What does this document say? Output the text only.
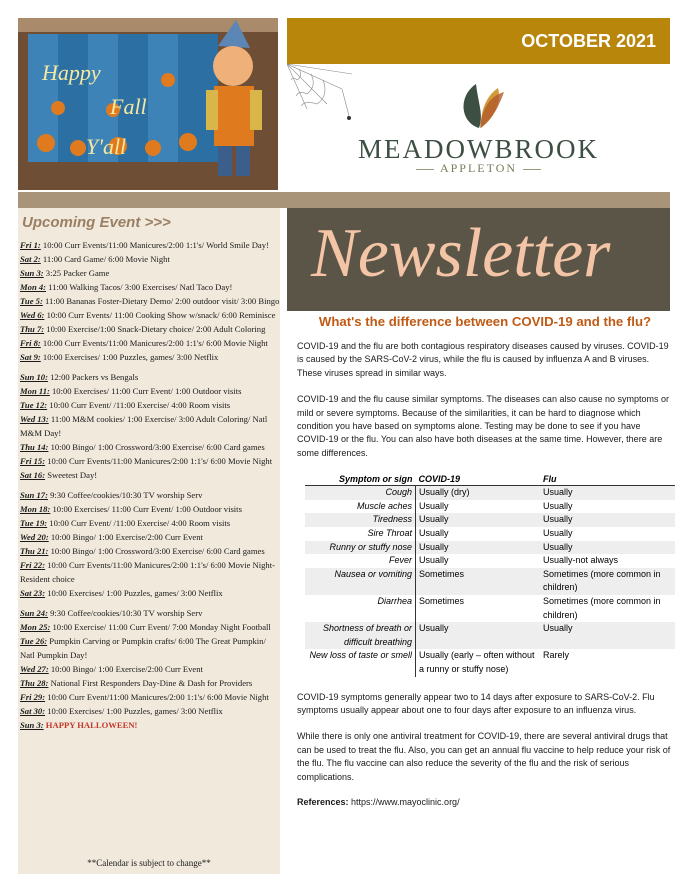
Happy
Fall
Y'all
OCTOBER 2021
MEADOWBROOK
APPLETON
Upcoming Event >>>
Fri 1: 10:00 Curr Events/11:00 Manicures/2:00 1:1's/ World Smile Day!
Sat 2: 11:00 Card Game/ 6:00 Movie Night
Sun 3: 3:25 Packer Game
Mon 4: 11:00 Walking Tacos/ 3:00 Exercises/ Natl Taco Day!
Tue 5: 11:00 Bananas Foster-Dietary Demo/ 2:00 outdoor visit/ 3:00 Bingo
Wed 6: 10:00 Curr Events/ 11:00 Cooking Show w/snack/ 6:00 Reminisce
Thu 7: 10:00 Exercise/1:00 Snack-Dietary choice/ 2:00 Adult Coloring
Fri 8: 10:00 Curr Events/11:00 Manicures/2:00 1:1's/ 6:00 Movie Night
Sat 9: 10:00 Exercises/ 1:00 Puzzles, games/ 3:00 Netflix
Sun 10: 12:00 Packers vs Bengals
Mon 11: 10:00 Exercises/ 11:00 Curr Event/ 1:00 Outdoor visits
Tue 12: 10:00 Curr Event/ /11:00 Exercise/ 4:00 Room visits
Wed 13: 11:00 M&M cookies/ 1:00 Exercise/ 3:00 Adult Coloring/ Natl M&M Day!
Thu 14: 10:00 Bingo/ 1:00 Crossword/3:00 Exercise/ 6:00 Card games
Fri 15: 10:00 Curr Events/11:00 Manicures/2:00 1:1's/ 6:00 Movie Night
Sat 16: Sweetest Day!
Sun 17: 9:30 Coffee/cookies/10:30 TV worship Serv
Mon 18: 10:00 Exercises/ 11:00 Curr Event/ 1:00 Outdoor visits
Tue 19: 10:00 Curr Event/ /11:00 Exercise/ 4:00 Room visits
Wed 20: 10:00 Bingo/ 1:00 Exercise/2:00 Curr Event
Thu 21: 10:00 Bingo/ 1:00 Crossword/3:00 Exercise/ 6:00 Card games
Fri 22: 10:00 Curr Events/11:00 Manicures/2:00 1:1's/ 6:00 Movie Night- Resident choice
Sat 23: 10:00 Exercises/ 1:00 Puzzles, games/ 3:00 Netflix
Sun 24: 9:30 Coffee/cookies/10:30 TV worship Serv
Mon 25: 10:00 Exercise/ 11:00 Curr Event/ 7:00 Monday Night Football
Tue 26: Pumpkin Carving or Pumpkin crafts/ 6:00 The Great Pumpkin/ Natl Pumpkin Day!
Wed 27: 10:00 Bingo/ 1:00 Exercise/2:00 Curr Event
Thu 28: National First Responders Day-Dine & Dash for Providers
Fri 29: 10:00 Curr Event/11:00 Manicures/2:00 1:1's/ 6:00 Movie Night
Sat 30: 10:00 Exercises/ 1:00 Puzzles, games/ 3:00 Netflix
Sun 3: HAPPY HALLOWEEN!
**Calendar is subject to change**
Newsletter
What's the difference between COVID-19 and the flu?

COVID-19 and the flu are both contagious respiratory diseases caused by viruses. COVID-19 is caused by the SARS-CoV-2 virus, while the flu is caused by influenza A and B viruses. These viruses spread in similar ways.

COVID-19 and the flu cause similar symptoms. The diseases can also cause no symptoms or mild or severe symptoms. Because of the similarities, it can be hard to diagnose which condition you have based on symptoms alone. Testing may be done to see if you have COVID-19 or the flu. You can also have both diseases at the same time. However, there are some differences.

Symptom or sign	COVID-19	Flu
Cough	Usually (dry)	Usually
Muscle aches	Usually	Usually
Tiredness	Usually	Usually
Sire Throat	Usually	Usually
Runny or stuffy nose	Usually	Usually
Fever	Usually	Usually-not always
Nausea or vomiting	Sometimes	Sometimes (more common in children)
Diarrhea	Sometimes	Sometimes (more common in children)
Shortness of breath or difficult breathing	Usually	Usually
New loss of taste or smell	Usually (early – often without a runny or stuffy nose)	Rarely

COVID-19 symptoms generally appear two to 14 days after exposure to SARS-CoV-2. Flu symptoms usually appear about one to four days after exposure to an influenza virus.

While there is only one antiviral treatment for COVID-19, there are several antiviral drugs that can be used to treat the flu. Also, you can get an annual flu vaccine to help reduce your risk of the flu. The flu vaccine can also reduce the severity of the flu and the risk of serious complications.

References: https://www.mayoclinic.org/
